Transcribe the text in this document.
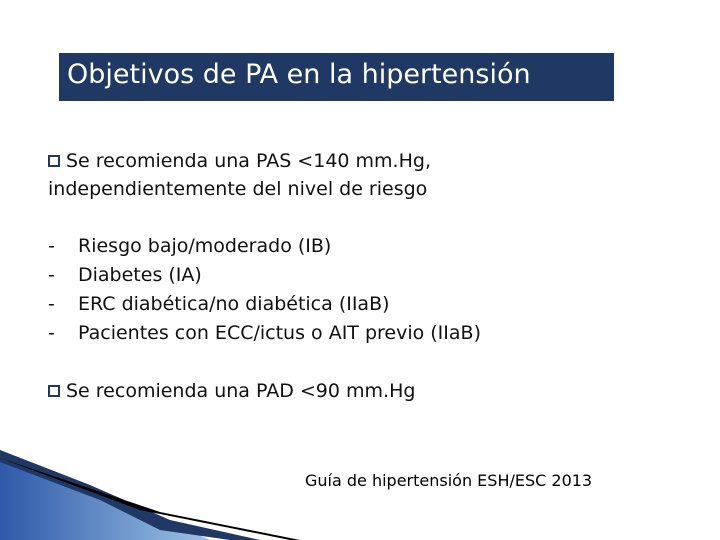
Objetivos de PA en la hipertensión
Se recomienda una PAS <140 mm.Hg,
independientemente del nivel de riesgo
- Riesgo bajo/moderado (IB)
- Diabetes (IA)
- ERC diabética/no diabética (IIaB)
- Pacientes con ECC/ictus o AIT previo (IIaB)
Se recomienda una PAD <90 mm.Hg
Guía de hipertensión ESH/ESC 2013
